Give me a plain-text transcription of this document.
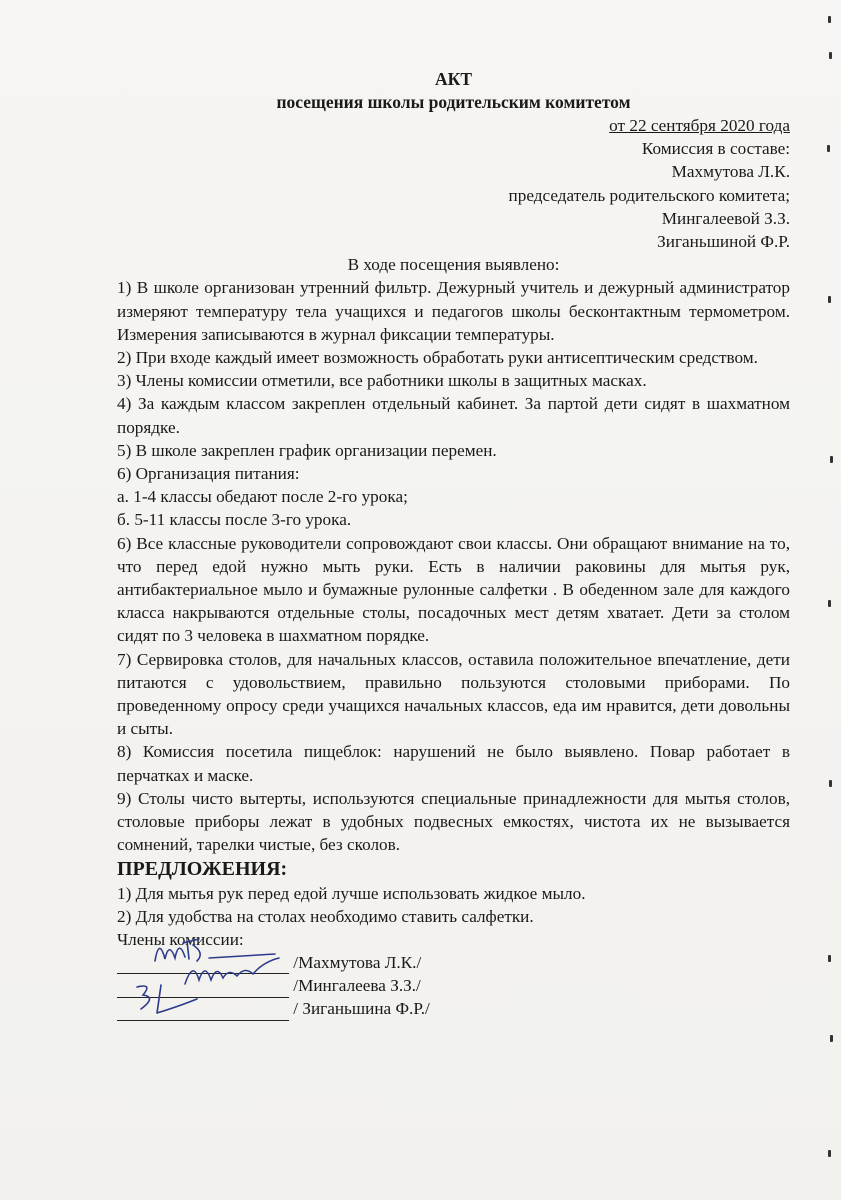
АКТ

посещения школы родительским комитетом

от 22 сентября 2020 года

Комиссия в составе:

Махмутова Л.К.

председатель родительского комитета;

Мингалеевой З.З.

Зиганьшиной Ф.Р.

В ходе посещения выявлено:

1) В школе организован утренний фильтр. Дежурный учитель и дежурный администратор измеряют температуру тела учащихся и педагогов школы бесконтактным термометром. Измерения записываются в журнал фиксации температуры.

2) При входе каждый имеет возможность обработать руки антисептическим средством.

3) Члены комиссии отметили, все работники школы в защитных масках.

4) За каждым классом закреплен отдельный кабинет. За партой дети сидят в шахматном порядке.

5) В школе закреплен график организации перемен.

6) Организация питания:

а. 1-4 классы обедают после 2-го урока;

б. 5-11 классы после 3-го урока.

6) Все классные руководители сопровождают свои классы. Они обращают внимание на то, что перед едой нужно мыть руки. Есть в наличии раковины для мытья рук, антибактериальное мыло и бумажные рулонные салфетки . В обеденном зале для каждого класса накрываются отдельные столы, посадочных мест детям хватает. Дети за столом сидят по 3 человека в шахматном порядке.

7) Сервировка столов, для начальных классов, оставила положительное впечатление, дети питаются с удовольствием, правильно пользуются столовыми приборами. По проведенному опросу среди учащихся начальных классов, еда им нравится, дети довольны и сыты.

8) Комиссия посетила пищеблок: нарушений не было выявлено. Повар работает в перчатках и маске.

9) Столы чисто вытерты, используются специальные принадлежности для мытья столов, столовые приборы лежат в удобных подвесных емкостях, чистота их не вызывается сомнений, тарелки чистые, без сколов.

ПРЕДЛОЖЕНИЯ:

1) Для мытья рук перед едой лучше использовать жидкое мыло.

2) Для удобства на столах необходимо ставить салфетки.

Члены комиссии:

/Махмутова Л.К./
/Мингалеева З.З./
/ Зиганьшина Ф.Р./
